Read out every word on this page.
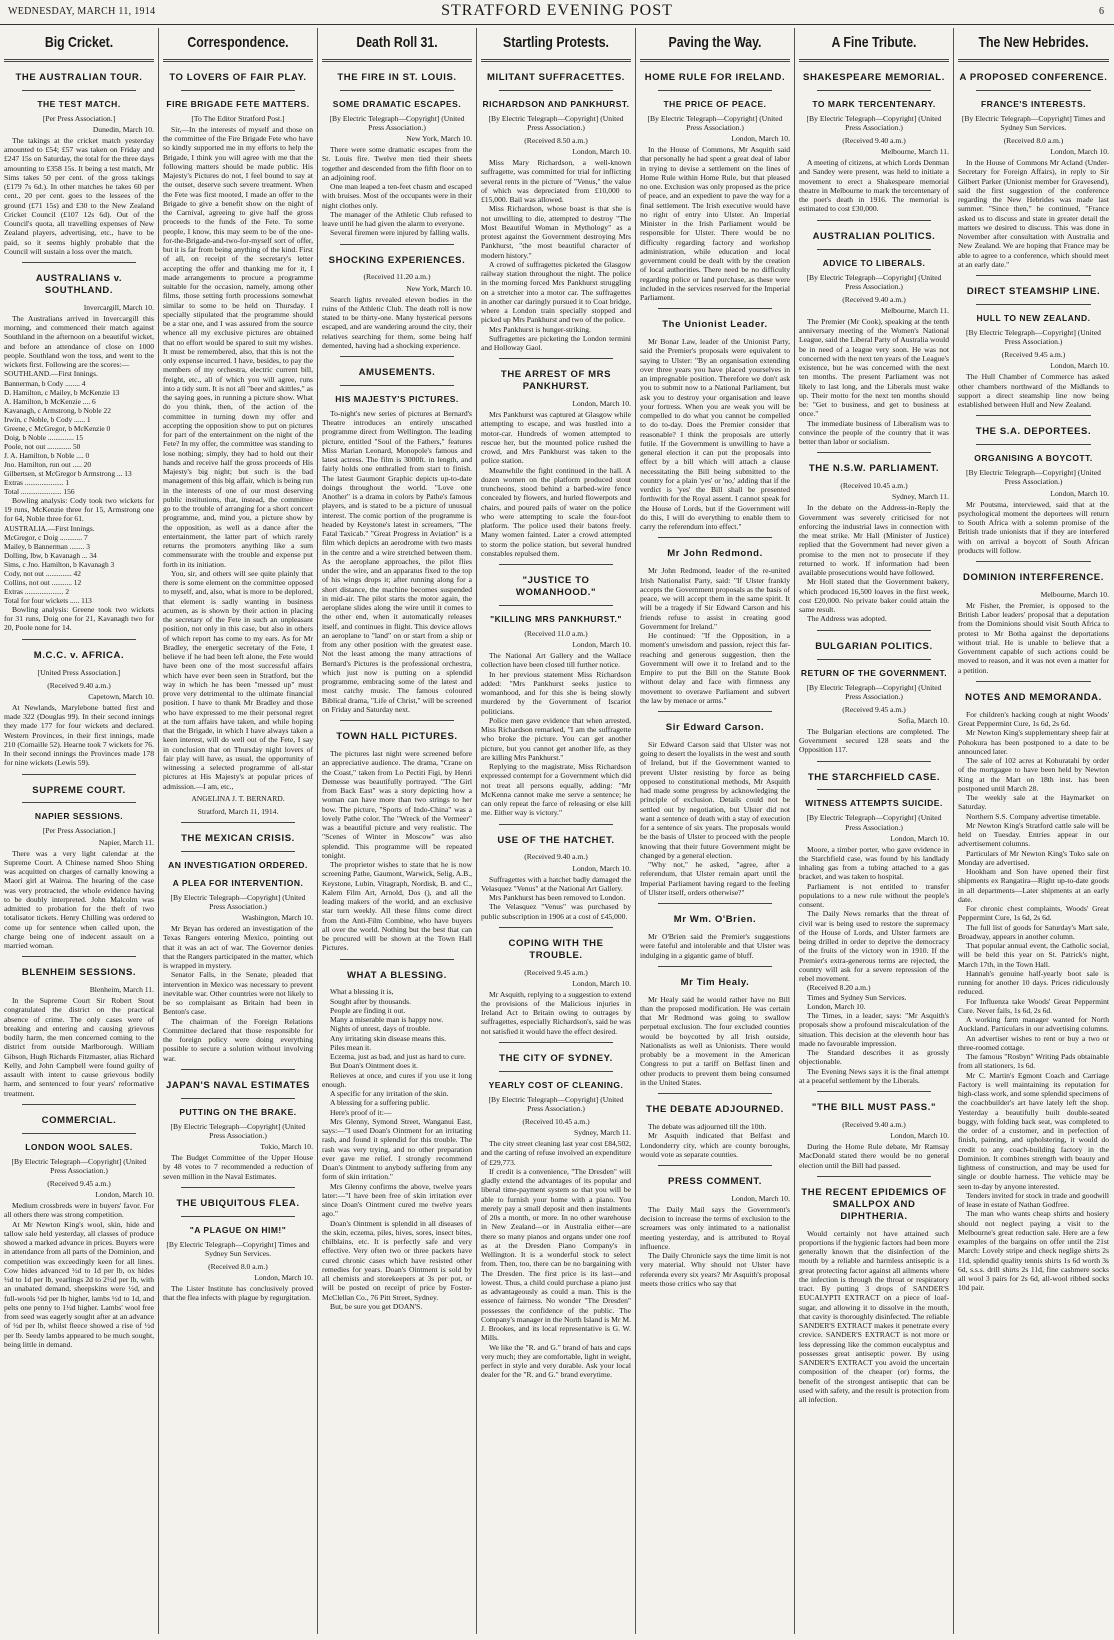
WEDNESDAY, MARCH 11, 1914	STRATFORD EVENING POST	6
Big Cricket.
THE AUSTRALIAN TOUR.
THE TEST MATCH.
[Per Press Association.]
Dunedin, March 10.

The takings at the cricket match yesterday amounted to £54; £57 was taken on Friday and £247 15s on Saturday, the total for the three days amounting to £358 15s. It being a test match, Mr Sims takes 50 per cent. of the gross takings (£179 7s 6d.). In other matches he takes 60 per cent., 20 per cent. goes to the lessees of the ground (£71 15s) and £30 to the New Zealand Cricket Council (£107 12s 6d). Out of the Council's quota, all travelling expenses of New Zealand players, advertising, etc., have to be paid, so it seems highly probable that the Council will sustain a loss over the match.

AUSTRALIANS v. SOUTHLAND.
Invercargill, March 10.

The Australians arrived in Invercargill this morning, and commenced their match against Southland in the afternoon on a beautiful wicket, and before an attendance of close on 1000 people. Southland won the toss, and went to the wickets first. Following are the scores:—

SOUTHLAND.—First Innings.
Bannerman, b Cody ........ 4
D. Hamilton, c Mailey, b McKenzie 13
A. Hamilton, b McKenzie .... 6
Kavanagh, c Armstrong, b Noble 22
Irwin, c Noble, b Cody ...... 1
Greene, c McGregor, b McKenzie 0
Doig, b Noble .............. 15
Poole, not out ............. 50
J. A. Hamilton, b Noble .... 0
Jno. Hamilton, run out ..... 20
Gilbertsen, st McGregor b Armstrong ... 13
Extras ..................... 1
Total ...................... 156

Bowling analysis: Cody took two wickets for 19 runs, McKenzie three for 15, Armstrong one for 64, Noble three for 61.

AUSTRALIA.—First Innings.
McGregor, c Doig ............ 7
Mailey, b Bannerman ........ 3
Dolling, lbw, b Kavanagh ... 34
Sims, c Jno. Hamilton, b Kavanagh 3
Cody, not out .............. 42
Collins, not out ........... 12
Extras ..................... 2
Total for four wickets ..... 113

Bowling analysis: Greene took two wickets for 31 runs, Doig one for 21, Kavanagh two for 20, Poole none for 14.

M.C.C. v. AFRICA.
[United Press Association.]
(Received 9.40 a.m.)
Capetown, March 10.

At Newlands, Marylebone batted first and made 322 (Douglas 99). In their second innings they made 177 for four wickets and declared. Western Provinces, in their first innings, made 210 (Comaille 52). Hearne took 7 wickets for 76. In their second innings the Provinces made 178 for nine wickets (Lewis 59).

SUPREME COURT.
NAPIER SESSIONS.
[Per Press Association.]
Napier, March 11.

There was a very light calendar at the Supreme Court. A Chinese named Shoo Shing was acquitted on charges of carnally knowing a Maori girl at Wairoa. The hearing of the case was very protracted, the whole evidence having to be doubly interpreted. John Malcolm was admitted to probation for the theft of two totalisator tickets. Henry Chilling was ordered to come up for sentence when called upon, the charge being one of indecent assault on a married woman.

BLENHEIM SESSIONS.
Blenheim, March 11.

In the Supreme Court Sir Robert Stout congratulated the district on the practical absence of crime. The only cases were of breaking and entering and causing grievous bodily harm, the men concerned coming to the district from outside Marlborough. William Gibson, Hugh Richards Fitzmaster, alias Richard Kelly, and John Campbell were found guilty of assault with intent to cause grievous bodily harm, and sentenced to four years' reformative treatment.

COMMERCIAL.
LONDON WOOL SALES.
[By Electric Telegraph—Copyright] (United Press Association.)
(Received 9.45 a.m.)
London, March 10.

Medium crossbreds were in buyers' favor. For all others there was strong competition.

At Mr Newton King's wool, skin, hide and tallow sale held yesterday, all classes of produce showed a marked advance in prices. Buyers were in attendance from all parts of the Dominion, and competition was exceedingly keen for all lines. Cow hides advanced ½d to 1d per lb, ox hides ½d to 1d per lb, yearlings 2d to 2½d per lb, with an unabated demand, sheepskins were ½d, and full-wools ½d per lb higher, lambs ½d to 1d, and pelts one penny to 1½d higher. Lambs' wool free from seed was eagerly sought after at an advance of ½d per lb, whilst fleece showed a rise of ½d per lb. Seedy lambs appeared to be much sought, being little in demand.

Correspondence.
TO LOVERS OF FAIR PLAY.
FIRE BRIGADE FETE MATTERS.
[To The Editor Stratford Post.]

Sir,—In the interests of myself and those on the committee of the Fire Brigade Fete who have so kindly supported me in my efforts to help the Brigade, I think you will agree with me that the following matters should be made public. His Majesty's Pictures do not, I feel bound to say at the outset, deserve such severe treatment. When the Fete was first mooted, I made an offer to the Brigade to give a benefit show on the night of the Carnival, agreeing to give half the gross proceeds to the funds of the Fete. To some people, I know, this may seem to be of the one-for-the-Brigade-and-two-for-myself sort of offer, but it is far from being anything of the kind. First of all, on receipt of the secretary's letter accepting the offer and thanking me for it, I made arrangements to procure a programme suitable for the occasion, namely, among other films, those setting forth processions somewhat similar to some to be held on Thursday. I specially stipulated that the programme should be a star one, and I was assured from the source whence all my exclusive pictures are obtained that no effort would be spared to suit my wishes. It must be remembered, also, that this is not the only expense incurred. I have, besides, to pay the members of my orchestra, electric current bill, freight, etc., all of which you will agree, runs into a tidy sum. It is not all "beer and skittles," as the saying goes, in running a picture show. What do you think, then, of the action of the committee in turning down my offer and accepting the opposition show to put on pictures for part of the entertainment on the night of the Fete? In my offer, the committee was standing to lose nothing; simply, they had to hold out their hands and receive half the gross proceeds of His Majesty's big night; but such is the bad management of this big affair, which is being run in the interests of one of our most deserving public institutions, that, instead, the committee go to the trouble of arranging for a short concert programme, and, mind you, a picture show by the opposition, as well as a dance after the entertainment, the latter part of which rarely returns the promoters anything like a sum commensurate with the trouble and expense put forth in its initiation.

You, sir, and others will see quite plainly that there is some element on the committee opposed to myself, and, also, what is more to be deplored, that element is sadly wanting in business acumen, as is shown by their action in placing the secretary of the Fete in such an unpleasant position, not only in this case, but also in others of which report has come to my ears. As for Mr Bradley, the energetic secretary of the Fete, I believe if he had been left alone, the Fete would have been one of the most successful affairs which have ever been seen in Stratford, but the way in which he has been "messed up" must prove very detrimental to the ultimate financial position. I have to thank Mr Bradley and those who have expressed to me their personal regret at the turn affairs have taken, and while hoping that the Brigade, in which I have always taken a keen interest, will do well out of the Fete, I say in conclusion that on Thursday night lovers of fair play will have, as usual, the opportunity of witnessing a selected programme of all-star pictures at His Majesty's at popular prices of admission.—I am, etc.,

ANGELINA J. T. BERNARD.
Stratford, March 11, 1914.
THE MEXICAN CRISIS.
AN INVESTIGATION ORDERED.
A PLEA FOR INTERVENTION.
[By Electric Telegraph—Copyright] (United Press Association.)
Washington, March 10.

Mr Bryan has ordered an investigation of the Texas Rangers entering Mexico, pointing out that it was an act of war. The Governor denies that the Rangers participated in the matter, which is wrapped in mystery.

Senator Falls, in the Senate, pleaded that intervention in Mexico was necessary to prevent inevitable war. Other countries were not likely to be so complaisant as Britain had been in Benton's case.

The chairman of the Foreign Relations Committee declared that those responsible for the foreign policy were doing everything possible to secure a solution without involving war.

JAPAN'S NAVAL ESTIMATES
PUTTING ON THE BRAKE.
[By Electric Telegraph—Copyright] (United Press Association.)
Tokio, March 10.

The Budget Committee of the Upper House by 48 votes to 7 recommended a reduction of seven million in the Naval Estimates.

THE UBIQUITOUS FLEA.
"A PLAGUE ON HIM!"
[By Electric Telegraph—Copyright] Times and Sydney Sun Services.
(Received 8.0 a.m.)
London, March 10.

The Lister Institute has conclusively proved that the flea infects with plague by regurgitation.

Death Roll 31.
THE FIRE IN ST. LOUIS.
SOME DRAMATIC ESCAPES.
[By Electric Telegraph—Copyright] (United Press Association.)
New York, March 10.

There were some dramatic escapes from the St. Louis fire. Twelve men tied their sheets together and descended from the fifth floor on to an adjoining roof.

One man leaped a ten-feet chasm and escaped with bruises. Most of the occupants were in their night clothes only.

The manager of the Athletic Club refused to leave until he had given the alarm to everyone.

Several firemen were injured by falling walls.

SHOCKING EXPERIENCES.
(Received 11.20 a.m.)
New York, March 10.

Search lights revealed eleven bodies in the ruins of the Athletic Club. The death roll is now stated to be thirty-one. Many hysterical persons escaped, and are wandering around the city, their relatives searching for them, some being half demented, having had a shocking experience.

AMUSEMENTS.
HIS MAJESTY'S PICTURES.

To-night's new series of pictures at Bernard's Theatre introduces an entirely unscathed programme direct from Wellington. The leading picture, entitled "Soul of the Fathers," features Miss Marian Leonard, Monopole's famous and latest actress. The film is 3000ft. in length, and fairly holds one enthralled from start to finish. The latest Gaumont Graphic depicts up-to-date doings throughout the world. "Love one Another" is a drama in colors by Pathe's famous players, and is stated to be a picture of unusual interest. The comic portion of the programme is headed by Keystone's latest in screamers, "The Fatal Taxicab." "Great Progress in Aviation" is a film which depicts an aerodrome with two masts in the centre and a wire stretched between them. As the aeroplane approaches, the pilot flies under the wire, and an apparatus fixed to the top of his wings drops it; after running along for a short distance, the machine becomes suspended in mid-air. The pilot starts the motor again, the aeroplane slides along the wire until it comes to the other end, when it automatically releases itself, and continues in flight. This device allows an aeroplane to "land" on or start from a ship or from any other position with the greatest ease. Not the least among the many attractions of Bernard's Pictures is the professional orchestra, which just now is putting on a splendid programme, embracing some of the latest and most catchy music. The famous coloured Biblical drama, "Life of Christ," will be screened on Friday and Saturday next.

TOWN HALL PICTURES.

The pictures last night were screened before an appreciative audience. The drama, "Crane on the Coast," taken from Lo Pectiti Figi, by Henri Demesse was beautifully portrayed. "The Girl from Back East" was a story depicting how a woman can have more than two strings to her bow. The picture, "Sports of Indo-China" was a lovely Pathe color. The "Wreck of the Vermeer" was a beautiful picture and very realistic. The "Scenes of Winter in Moscow" was also splendid. This programme will be repeated tonight.

The proprietor wishes to state that he is now screening Pathe, Gaumont, Warwick, Selig, A.B., Keystone, Lubin, Vitagraph, Nordisk, B. and C., Kalem Film Art, Arnold, Dos (), and all the leading makers of the world, and an exclusive star turn weekly. All these films come direct from the Anti-Film Combine, who have buyers all over the world. Nothing but the best that can be procured will be shown at the Town Hall Pictures.

WHAT A BLESSING.

What a blessing it is,

Sought after by thousands.

People are finding it out.

Many a miserable man is happy now.

Nights of unrest, days of trouble.

Any irritating skin disease means this.

Piles mean it.

Eczema, just as bad, and just as hard to cure.

But Doan's Ointment does it.

Relieves at once, and cures if you use it long enough.

A specific for any irritation of the skin.

A blessing for a suffering public.

Here's proof of it:—

Mrs Glenny, Symond Street, Wanganui East, says:—"I used Doan's Ointment for an irritating rash, and found it splendid for this trouble. The rash was very trying, and no other preparation ever gave me relief. I strongly recommend Doan's Ointment to anybody suffering from any form of skin irritation."

Mrs Glenny confirms the above, twelve years later:—"I have been free of skin irritation ever since Doan's Ointment cured me twelve years ago."

Doan's Ointment is splendid in all diseases of the skin, eczema, piles, hives, sores, insect bites, chilblains, etc. It is perfectly safe and very effective. Very often two or three packets have cured chronic cases which have resisted other remedies for years. Doan's Ointment is sold by all chemists and storekeepers at 3s per pot, or will be posted on receipt of price by Foster-McClellan Co., 76 Pitt Street, Sydney.

But, be sure you get DOAN'S.

Startling Protests.
MILITANT SUFFRACETTES.
RICHARDSON AND PANKHURST.
[By Electric Telegraph—Copyright] (United Press Association.)
(Received 8.50 a.m.)
London, March 10.

Miss Mary Richardson, a well-known suffragette, was committed for trial for inflicting several rents in the picture of "Venus," the value of which was depreciated from £10,000 to £15,000. Bail was allowed.

Miss Richardson, whose boast is that she is not unwilling to die, attempted to destroy "The Most Beautiful Woman in Mythology" as a protest against the Government destroying Mrs Pankhurst, "the most beautiful character of modern history."

A crowd of suffragettes picketed the Glasgow railway station throughout the night. The police in the morning forced Mrs Pankhurst struggling on a stretcher into a motor car. The suffragettes in another car daringly pursued it to Coat bridge, where a London train specially stopped and picked up Mrs Pankhurst and two of the police.

Mrs Pankhurst is hunger-striking.

Suffragettes are picketing the London termini and Holloway Gaol.

THE ARREST OF MRS PANKHURST.
London, March 10.

Mrs Pankhurst was captured at Glasgow while attempting to escape, and was hustled into a motor-car. Hundreds of women attempted to rescue her, but the mounted police rushed the crowd, and Mrs Pankhurst was taken to the police station.

Meanwhile the fight continued in the hall. A dozen women on the platform produced stout truncheons, stood behind a barbed-wire fence concealed by flowers, and hurled flowerpots and chairs, and poured pails of water on the police who were attempting to scale the four-foot platform. The police used their batons freely. Many women fainted. Later a crowd attempted to storm the police station, but several hundred constables repulsed them.

"JUSTICE TO WOMANHOOD."
"KILLING MRS PANKHURST."
(Received 11.0 a.m.)
London, March 10.

The National Art Gallery and the Wallace collection have been closed till further notice.

In her previous statement Miss Richardson added: "Mrs Pankhurst seeks justice to womanhood, and for this she is being slowly murdered by the Government of Iscariot politicians.

Police men gave evidence that when arrested, Miss Richardson remarked, "I am the suffragette who broke the picture. You can get another picture, but you cannot get another life, as they are killing Mrs Pankhurst."

Replying to the magistrate, Miss Richardson expressed contempt for a Government which did not treat all persons equally, adding: "Mr McKenna cannot make me serve a sentence; he can only repeat the farce of releasing or else kill me. Either way is victory."

USE OF THE HATCHET.
(Received 9.40 a.m.)
London, March 10.

Suffragettes with a hatchet badly damaged the Velasquez "Venus" at the National Art Gallery.

Mrs Pankhurst has been removed to London.

The Velasquez "Venus" was purchased by public subscription in 1906 at a cost of £45,000.

COPING WITH THE TROUBLE.
(Received 9.45 a.m.)
London, March 10.

Mr Asquith, replying to a suggestion to extend the provisions of the Malicious injuries in Ireland Act to Britain owing to outrages by suffragettes, especially Richardson's, said he was not satisfied it would have the effect desired.

THE CITY OF SYDNEY.
YEARLY COST OF CLEANING.
[By Electric Telegraph—Copyright] (United Press Association.)
(Received 10.45 a.m.)
Sydney, March 11.

The city street cleaning last year cost £84,502, and the carting of refuse involved an expenditure of £29,773.

If credit is a convenience, "The Dresden" will gladly extend the advantages of its popular and liberal time-payment system so that you will be able to furnish your home with a piano. You merely pay a small deposit and then instalments of 20s a month, or more. In no other warehouse in New Zealand—or in Australia either—are there so many pianos and organs under one roof as at the Dresden Piano Company's in Wellington. It is a wonderful stock to select from. Then, too, there can be no bargaining with The Dresden. The first price is its last—and lowest. Thus, a child could purchase a piano just as advantageously as could a man. This is the essence of fairness. No wonder "The Dresden" possesses the confidence of the public. The Company's manager in the North Island is Mr M. J. Brookes, and its local representative is G. W. Mills.

We like the "R. and G." brand of hats and caps very much; they are comfortable, light in weight, perfect in style and very durable. Ask your local dealer for the "R. and G." brand everytime.

Paving the Way.
HOME RULE FOR IRELAND.
THE PRICE OF PEACE.
[By Electric Telegraph—Copyright] (United Press Association.)
London, March 10.

In the House of Commons, Mr Asquith said that personally he had spent a great deal of labor in trying to devise a settlement on the lines of Home Rule within Home Rule, but that pleased no one. Exclusion was only proposed as the price of peace, and an expedient to pave the way for a final settlement. The Irish executive would have no right of entry into Ulster. An Imperial Minister in the Irish Parliament would be responsible for Ulster. There would be no difficulty regarding factory and workshop administration, while education and local government could be dealt with by the creation of local authorities. There need be no difficulty regarding police or land purchase, as these were included in the services reserved for the Imperial Parliament.

The Unionist Leader.

Mr Bonar Law, leader of the Unionist Party, said the Premier's proposals were equivalent to saying to Ulster: "By an organisation extending over three years you have placed yourselves in an impregnable position. Therefore we don't ask you to submit now to a National Parliament, but ask you to destroy your organisation and leave your fortress. When you are weak you will be compelled to do what you cannot be compelled to do to-day. Does the Premier consider that reasonable? I think the proposals are utterly futile. If the Government is unwilling to have a general election it can put the proposals into effect by a bill which will attach a clause necessitating the Bill being submitted to the country for a plain 'yes' or 'no,' adding that if the verdict is 'yes' the Bill shall be presented forthwith for the Royal assent. I cannot speak for the House of Lords, but if the Government will do this, I will do everything to enable them to carry the referendum into effect."

Mr John Redmond.

Mr John Redmond, leader of the re-united Irish Nationalist Party, said: "If Ulster frankly accepts the Government proposals as the basis of peace, we will accept them in the same spirit. It will be a tragedy if Sir Edward Carson and his friends refuse to assist in creating good Government for Ireland."

He continued: "If the Opposition, in a moment's unwisdom and passion, reject this far-reaching and generous suggestion, then the Government will owe it to Ireland and to the Empire to put the Bill on the Statute Book without delay and face with firmness any movement to overawe Parliament and subvert the law by menace or arms."

Sir Edward Carson.

Sir Edward Carson said that Ulster was not going to desert the loyalists in the west and south of Ireland, but if the Government wanted to prevent Ulster resisting by force as being opposed to constitutional methods, Mr Asquith had made some progress by acknowledging the principle of exclusion. Details could not be settled out by negotiation, but Ulster did not want a sentence of death with a stay of execution for a sentence of six years. The proposals would be the basis of Ulster to proceed with the people knowing that their future Government might be changed by a general election.

"Why not," he asked, "agree, after a referendum, that Ulster remain apart until the Imperial Parliament having regard to the feeling of Ulster itself, orders otherwise?"

Mr Wm. O'Brien.

Mr O'Brien said the Premier's suggestions were fateful and intolerable and that Ulster was indulging in a gigantic game of bluff.

Mr Tim Healy.

Mr Healy said he would rather have no Bill than the proposed modification. He was certain that Mr Redmond was going to swallow perpetual exclusion. The four excluded counties would be boycotted by all Irish outside, Nationalists as well as Unionists. There would probably be a movement in the American Congress to put a tariff on Belfast linen and other products to prevent them being consumed in the United States.

THE DEBATE ADJOURNED.

The debate was adjourned till the 10th.

Mr Asquith indicated that Belfast and Londonderry city, which are county boroughs, would vote as separate counties.

PRESS COMMENT.
London, March 10.

The Daily Mail says the Government's decision to increase the terms of exclusion to the screamers was only intimated to a nationalist meeting yesterday, and is attributed to Royal influence.

The Daily Chronicle says the time limit is not very material. Why should not Ulster have referenda every six years? Mr Asquith's proposal meets those critics who say that

A Fine Tribute.
SHAKESPEARE MEMORIAL.
TO MARK TERCENTENARY.
[By Electric Telegraph—Copyright] (United Press Association.)
(Received 9.40 a.m.)
Melbourne, March 11.

A meeting of citizens, at which Lords Denman and Sandey were present, was held to initiate a movement to erect a Shakespeare memorial theatre in Melbourne to mark the tercentenary of the poet's death in 1916. The memorial is estimated to cost £30,000.

AUSTRALIAN POLITICS.
ADVICE TO LIBERALS.
[By Electric Telegraph—Copyright] (United Press Association.)
(Received 9.40 a.m.)
Melbourne, March 11.

The Premier (Mr Cook), speaking at the tenth anniversary meeting of the Women's National League, said the Liberal Party of Australia would be in need of a league very soon. He was not concerned with the next ten years of the League's existence, but he was concerned with the next ten months. The present Parliament was not likely to last long, and the Liberals must wake up. Their motto for the next ten months should be: "Get to business, and get to business at once."

The immediate business of Liberalism was to convince the people of the country that it was better than labor or socialism.

THE N.S.W. PARLIAMENT.
(Received 10.45 a.m.)
Sydney, March 11.

In the debate on the Address-in-Reply the Government was severely criticised for not enforcing the industrial laws in connection with the meat strike. Mr Hall (Minister of Justice) replied that the Government had never given a promise to the men not to prosecute if they returned to work. If information had been available prosecutions would have followed.

Mr Holl stated that the Government bakery, which produced 16,500 loaves in the first week, cost £20,000. No private baker could attain the same result.

The Address was adopted.

BULGARIAN POLITICS.
RETURN OF THE GOVERNMENT.
[By Electric Telegraph—Copyright] (United Press Association.)
(Received 9.45 a.m.)
Sofia, March 10.

The Bulgarian elections are completed. The Government secured 128 seats and the Opposition 117.

THE STARCHFIELD CASE.
WITNESS ATTEMPTS SUICIDE.
[By Electric Telegraph—Copyright] (United Press Association.)
London, March 10.

Moore, a timber porter, who gave evidence in the Starchfield case, was found by his landlady inhaling gas from a tubing attached to a gas bracket, and was taken to hospital.

Parliament is not entitled to transfer populations to a new rule without the people's consent.

The Daily News remarks that the threat of civil war is being used to restore the supremacy of the House of Lords, and Ulster farmers are being drilled in order to deprive the democracy of the fruits of the victory won in 1910. If the Premier's extra-generous terms are rejected, the country will ask for a severe repression of the rebel movement.

(Received 8.20 a.m.)

Times and Sydney Sun Services.

London, March 10.

The Times, in a leader, says: "Mr Asquith's proposals show a profound miscalculation of the situation. This decision at the eleventh hour has made no favourable impression.

The Standard describes it as grossly objectionable.

The Evening News says it is the final attempt at a peaceful settlement by the Liberals.

"THE BILL MUST PASS."
(Received 9.40 a.m.)
London, March 10.

During the Home Rule debate, Mr Ramsay MacDonald stated there would be no general election until the Bill had passed.

THE RECENT EPIDEMICS OF SMALLPOX AND DIPHTHERIA.

Would certainly not have attained such proportions if the hygienic factors had been more generally known that the disinfection of the mouth by a reliable and harmless antiseptic is a great protecting factor against all ailments where the infection is through the throat or respiratory tract. By putting 3 drops of SANDER'S EUCALYPTI EXTRACT on a piece of loaf-sugar, and allowing it to dissolve in the mouth, that cavity is thoroughly disinfected. The reliable SANDER'S EXTRACT makes it penetrate every crevice. SANDER'S EXTRACT is not more or less depressing like the common eucalyptus and possesses great antiseptic power. By using SANDER'S EXTRACT you avoid the uncertain composition of the cheaper (or) forms, the benefit of the strongest antiseptic that can be used with safety, and the result is protection from all infection.

The New Hebrides.
A PROPOSED CONFERENCE.
FRANCE'S INTERESTS.
[By Electric Telegraph—Copyright] Times and Sydney Sun Services.
(Received 8.0 a.m.)
London, March 10.

In the House of Commons Mr Acland (Under-Secretary for Foreign Affairs), in reply to Sir Gilbert Parker (Unionist member for Gravesend), said the first suggestion of the conference regarding the New Hebrides was made last summer. "Since then," he continued, "France asked us to discuss and state in greater detail the matters we desired to discuss. This was done in November after consultation with Australia and New Zealand. We are hoping that France may be able to agree to a conference, which should meet at an early date."

DIRECT STEAMSHIP LINE.
HULL TO NEW ZEALAND.
[By Electric Telegraph—Copyright] (United Press Association.)
(Received 9.45 a.m.)
London, March 10.

The Hull Chamber of Commerce has asked other chambers northward of the Midlands to support a direct steamship line now being established between Hull and New Zealand.

THE S.A. DEPORTEES.
ORGANISING A BOYCOTT.
[By Electric Telegraph—Copyright] (United Press Association.)
London, March 10.

Mr Poutsma, interviewed, said that at the psychological moment the deportees will return to South Africa with a solemn promise of the British trade unionists that if they are interfered with on arrival a boycott of South African products will follow.

DOMINION INTERFERENCE.
Melbourne, March 10.

Mr Fisher, the Premier, is opposed to the British Labor leaders' proposal that a deputation from the Dominions should visit South Africa to protest to Mr Botha against the deportations without trial. He is unable to believe that a Government capable of such actions could be moved to reason, and it was not even a matter for a petition.

NOTES AND MEMORANDA.

For children's hacking cough at night Woods' Great Peppermint Cure, 1s 6d, 2s 6d.

Mr Newton King's supplementary sheep fair at Pohokura has been postponed to a date to be announced later.

The sale of 102 acres at Kohuratahi by order of the mortgagee to have been held by Newton King at the Mart on 18th inst. has been postponed until March 28.

The weekly sale at the Haymarket on Saturday.

Northern S.S. Company advertise timetable.

Mr Newton King's Stratford cattle sale will be held on Tuesday. Entries appear in our advertisement columns.

Particulars of Mr Newton King's Toko sale on Monday are advertised.

Hookham and Son have opened their first shipments ex Rangatira—Right up-to-date goods in all departments—Later shipments at an early date.

For chronic chest complaints, Woods' Great Peppermint Cure, 1s 6d, 2s 6d.

The full list of goods for Saturday's Mart sale, Broadway, appears in another column.

That popular annual event, the Catholic social, will be held this year on St. Patrick's night, March 17th, in the Town Hall.

Hannah's genuine half-yearly boot sale is running for another 10 days. Prices ridiculously reduced.

For Influenza take Woods' Great Peppermint Cure. Never fails, 1s 6d, 2s 6d.

A working farm manager wanted for North Auckland. Particulars in our advertising columns.

An advertiser wishes to rent or buy a two or three-roomed cottage.

The famous "Rosbyn" Writing Pads obtainable from all stationers, 1s 6d.

Mr C. Martin's Egmont Coach and Carriage Factory is well maintaining its reputation for high-class work, and some splendid specimens of the coachbuilder's art have lately left the shop. Yesterday a beautifully built double-seated buggy, with folding back seat, was completed to the order of a customer, and in perfection of finish, painting, and upholstering, it would do credit to any coach-building factory in the Dominion. It combines strength with beauty and lightness of construction, and may be used for single or double harness. The vehicle may be seen to-day by anyone interested.

Tenders invited for stock in trade and goodwill of lease in estate of Nathan Godfree.

The man who wants cheap shirts and hosiery should not neglect paying a visit to the Melbourne's great reduction sale. Here are a few examples of the bargains on offer until the 21st March: Lovely stripe and check neglige shirts 2s 11d, splendid quality tennis shirts 1s 6d worth 3s 6d, s.s.s. drill shirts 2s 11d, fine cashmere socks all wool 3 pairs for 2s 6d, all-wool ribbed socks 10d pair.
